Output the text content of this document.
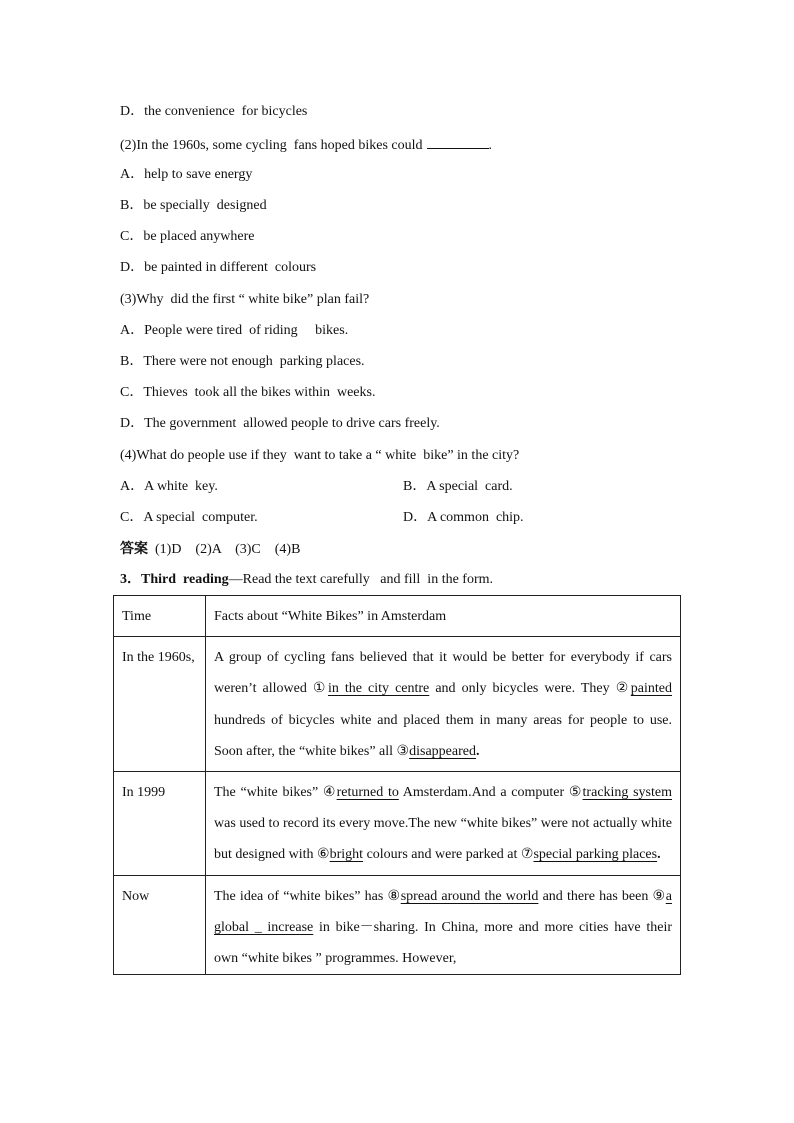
D．the convenience  for bicycles
(2)In the 1960s, some cycling  fans hoped bikes could	.
A．help to save energy
B．be specially  designed
C．be placed anywhere
D．be painted in different  colours
(3)Why  did the first “ white bike” plan fail?
A．People were tired  of riding     bikes.
B．There were not enough  parking places.
C．Thieves  took all the bikes within  weeks.
D．The government  allowed people to drive cars freely.
(4)What do people use if they  want to take a “ white  bike” in the city?
A．A white  key.	B．A special  card.
C．A special  computer.	D．A common  chip.
答案  (1)D    (2)A    (3)C    (4)B
3．Third  reading—Read the text carefully   and fill  in the form.
Time	Facts about “White Bikes” in Amsterdam
In the 1960s,	A group of cycling fans believed that it would be better for everybody if cars weren’t allowed ①in the city centre and only bicycles were. They ②painted hundreds of bicycles white and placed them in many areas for people to use. Soon after, the “white bikes” all ③disappeared.
In 1999	The “white bikes” ④returned to Amsterdam.And a computer ⑤tracking system was used to record its every move.The new “white bikes” were not actually white but designed with ⑥bright colours and were parked at ⑦special parking places.
Now	The idea of “white bikes” has ⑧spread around the world and there has been ⑨a global _ increase in bike－sharing. In China, more and more cities have their own “white bikes ” programmes. However,
